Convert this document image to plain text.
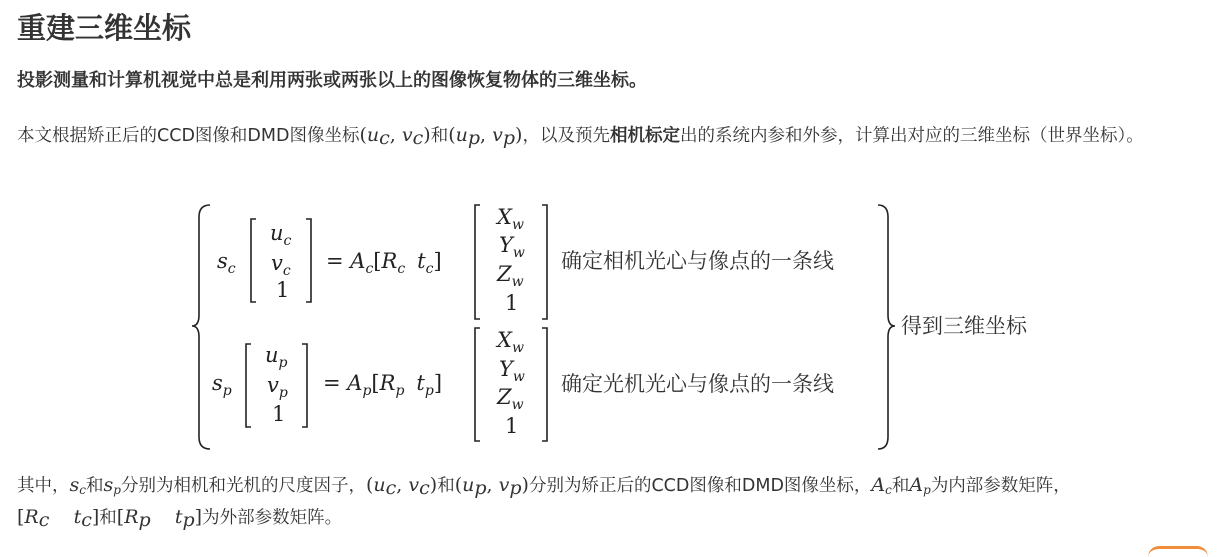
重建三维坐标

投影测量和计算机视觉中总是利用两张或两张以上的图像恢复物体的三维坐标。

本文根据矫正后的CCD图像和DMD图像坐标($u_c$, $v_c$)和($u_p$, $v_p$)，以及预先相机标定出的系统内参和外参，计算出对应的三维坐标（世界坐标）。

$s_c$
$u_c$
$v_c$
1
= $A_c[R_c$ $t_c$]
$X_w$
$Y_w$
$Z_w$
1
确定相机光心与像点的一条线
$s_p$
$u_p$
$v_p$
1
= $A_p[R_p$ $t_p$]
$X_w$
$Y_w$
$Z_w$
1
确定光机光心与像点的一条线
得到三维坐标

其中，$s_c$和$s_p$分别为相机和光机的尺度因子，($u_c$, $v_c$)和($u_p$, $v_p$)分别为矫正后的CCD图像和DMD图像坐标，$A_c$和$A_p$为内部参数矩阵，
[$R_c$ $t_c$]和[$R_p$ $t_p$]为外部参数矩阵。
